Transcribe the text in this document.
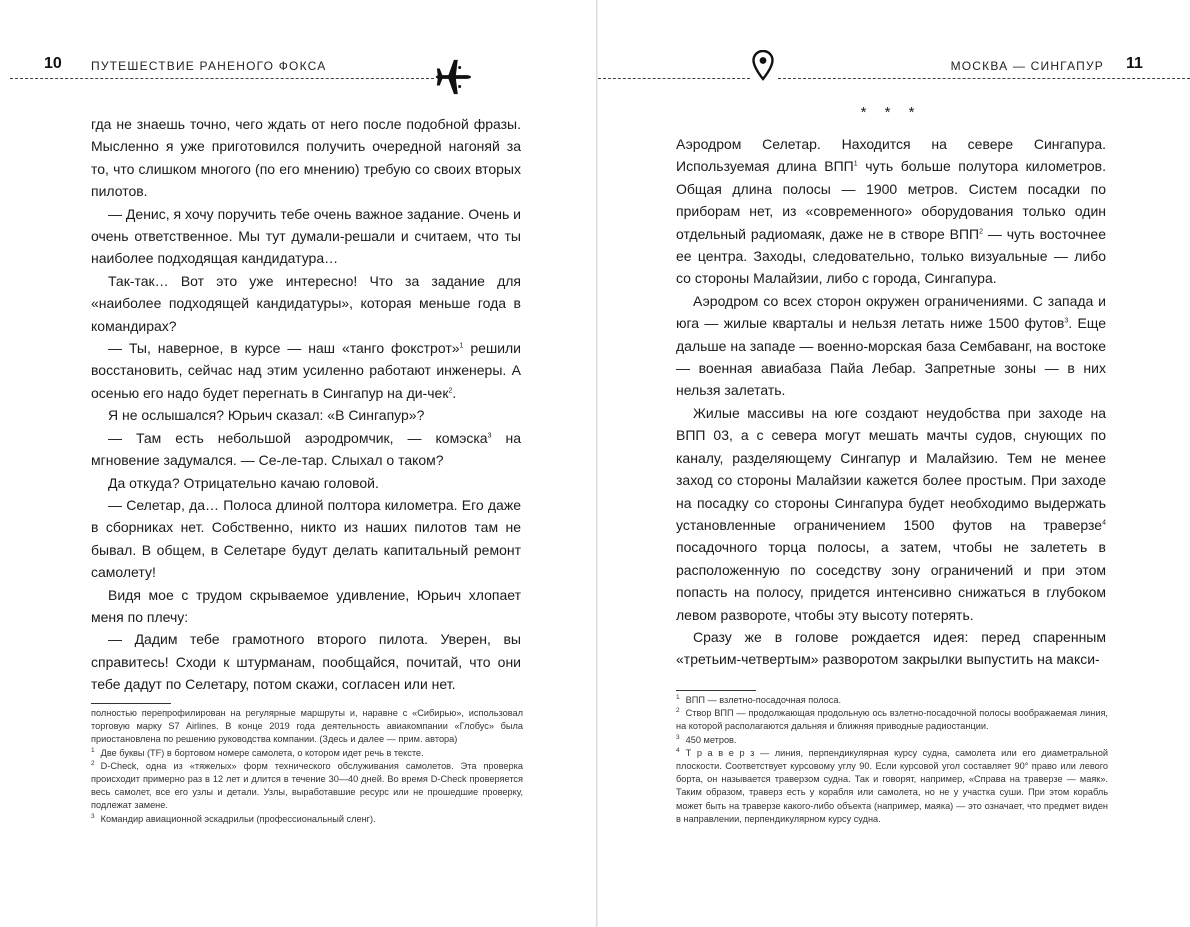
10 ПУТЕШЕСТВИЕ РАНЕНОГО ФОКСА

гда не знаешь точно, чего ждать от него после подобной фразы. Мысленно я уже приготовился получить очередной нагоняй за то, что слишком многого (по его мнению) требую со своих вторых пилотов.

— Денис, я хочу поручить тебе очень важное задание. Очень и очень ответственное. Мы тут думали-решали и считаем, что ты наиболее подходящая кандидатура…

Так-так… Вот это уже интересно! Что за задание для «наиболее подходящей кандидатуры», которая меньше года в командирах?

— Ты, наверное, в курсе — наш «танго фокстрот»$^1$ решили восстановить, сейчас над этим усиленно работают инженеры. А осенью его надо будет перегнать в Сингапур на ди-чек$^2$.

Я не ослышался? Юрьич сказал: «В Сингапур»?

— Там есть небольшой аэродромчик, — комэска$^3$ на мгновение задумался. — Се-ле-тар. Слыхал о таком?

Да откуда? Отрицательно качаю головой.

— Селетар, да… Полоса длиной полтора километра. Его даже в сборниках нет. Собственно, никто из наших пилотов там не бывал. В общем, в Селетаре будут делать капитальный ремонт самолету!

Видя мое с трудом скрываемое удивление, Юрьич хлопает меня по плечу:

— Дадим тебе грамотного второго пилота. Уверен, вы справитесь! Сходи к штурманам, пообщайся, почитай, что они тебе дадут по Селетару, потом скажи, согласен или нет.

полностью перепрофилирован на регулярные маршруты и, наравне с «Сибирью», использовал торговую марку S7 Airlines. В конце 2019 года деятельность авиакомпании «Глобус» была приостановлена по решению руководства компании. (Здесь и далее — прим. автора)

$^1$ Две буквы (TF) в бортовом номере самолета, о котором идет речь в тексте.

$^2$ D-Check, одна из «тяжелых» форм технического обслуживания самолетов. Эта проверка происходит примерно раз в 12 лет и длится в течение 30—40 дней. Во время D-Check проверяется весь самолет, все его узлы и детали. Узлы, выработавшие ресурс или не прошедшие проверку, подлежат замене.

$^3$ Командир авиационной эскадрильи (профессиональный сленг).

МОСКВА — СИНГАПУР 11
* * *

Аэродром Селетар. Находится на севере Сингапура. Используемая длина ВПП$^1$ чуть больше полутора километров. Общая длина полосы — 1900 метров. Систем посадки по приборам нет, из «современного» оборудования только один отдельный радиомаяк, даже не в створе ВПП$^2$ — чуть восточнее ее центра. Заходы, следовательно, только визуальные — либо со стороны Малайзии, либо с города, Сингапура.

Аэродром со всех сторон окружен ограничениями. С запада и юга — жилые кварталы и нельзя летать ниже 1500 футов$^3$. Еще дальше на западе — военно-морская база Сембаванг, на востоке — военная авиабаза Пайа Лебар. Запретные зоны — в них нельзя залетать.

Жилые массивы на юге создают неудобства при заходе на ВПП 03, а с севера могут мешать мачты судов, снующих по каналу, разделяющему Сингапур и Малайзию. Тем не менее заход со стороны Малайзии кажется более простым. При заходе на посадку со стороны Сингапура будет необходимо выдержать установленные ограничением 1500 футов на траверзе$^4$ посадочного торца полосы, а затем, чтобы не залететь в расположенную по соседству зону ограничений и при этом попасть на полосу, придется интенсивно снижаться в глубоком левом развороте, чтобы эту высоту потерять.

Сразу же в голове рождается идея: перед спаренным «третьим-четвертым» разворотом закрылки выпустить на макси-

$^1$ ВПП — взлетно-посадочная полоса.

$^2$ Створ ВПП — продолжающая продольную ось взлетно-посадочной полосы воображаемая линия, на которой располагаются дальняя и ближняя приводные радиостанции.

$^3$ 450 метров.

$^4$ Т р а в е р з — линия, перпендикулярная курсу судна, самолета или его диаметральной плоскости. Соответствует курсовому углу 90. Если курсовой угол составляет 90° право или левого борта, он называется траверзом судна. Так и говорят, например, «Справа на траверзе — маяк». Таким образом, траверз есть у корабля или самолета, но не у участка суши. При этом корабль может быть на траверзе какого-либо объекта (например, маяка) — это означает, что предмет виден в направлении, перпендикулярном курсу судна.
